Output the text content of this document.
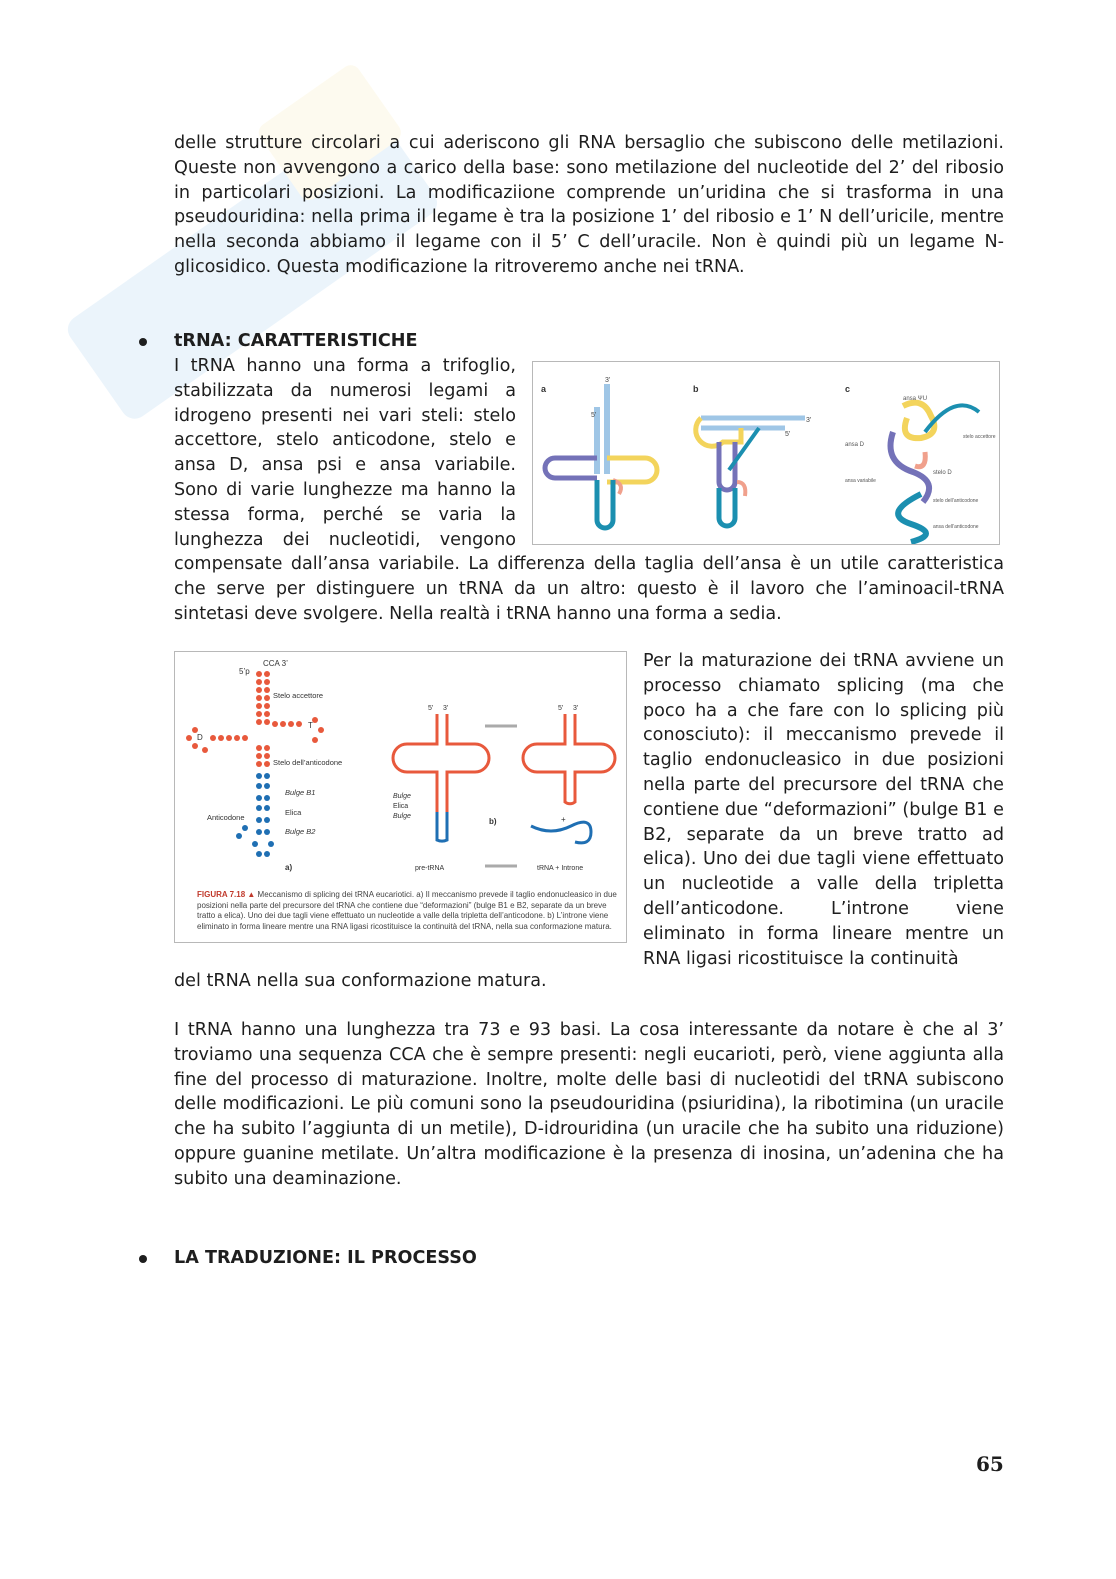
delle strutture circolari a cui aderiscono gli RNA bersaglio che subiscono delle metilazioni. Queste non avvengono a carico della base: sono metilazione del nucleotide del 2’ del ribosio in particolari posizioni. La modificaziione comprende un’uridina che si trasforma in una pseudouridina: nella prima il legame è tra la posizione 1’ del ribosio e 1’ N dell’uricile, mentre nella seconda abbiamo il legame con il 5’ C dell’uracile. Non è quindi più un legame N-glicosidico. Questa modificazione la ritroveremo anche nei tRNA.

tRNA: CARATTERISTICHE

I tRNA hanno una forma a trifoglio, stabilizzata da numerosi legami a idrogeno presenti nei vari steli: stelo accettore, stelo anticodone, stelo e ansa D, ansa psi e ansa variabile. Sono di varie lunghezze ma hanno la stessa forma, perché se varia la lunghezza dei nucleotidi, vengono compensate dall’ansa variabile. La differenza della taglia dell’ansa è un utile caratteristica che serve per distinguere un tRNA da un altro: questo è il lavoro che l’aminoacil-tRNA sintetasi deve svolgere. Nella realtà i tRNA hanno una forma a sedia.

a
5’
3’
b
3’
5’
c
ansa ΨU
stelo accettore
ansa D
stelo D
ansa variabile
stelo dell’anticodone
ansa dell’anticodone
CCA 3’
5’p
Stelo accettore
D
T
Stelo dell’anticodone
Bulge B1
Elica
Bulge B2
Anticodone
a)
5’ 3’
Bulge
Elica
Bulge
pre-tRNA
b)
5’ 3’
+
tRNA + Introne
FIGURA 7.18 ▲ Meccanismo di splicing dei tRNA eucariotici. a) Il meccanismo prevede il taglio endonucleasico in due posizioni nella parte del precursore del tRNA che contiene due “deformazioni” (bulge B1 e B2, separate da un breve tratto a elica). Uno dei due tagli viene effettuato un nucleotide a valle della tripletta dell’anticodone. b) L’introne viene eliminato in forma lineare mentre una RNA ligasi ricostituisce la continuità del tRNA, nella sua conformazione matura.

Per la maturazione dei tRNA avviene un processo chiamato splicing (ma che poco ha a che fare con lo splicing più conosciuto): il meccanismo prevede il taglio endonucleasico in due posizioni nella parte del precursore del tRNA che contiene due “deformazioni” (bulge B1 e B2, separate da un breve tratto ad elica). Uno dei due tagli viene effettuato un nucleotide a valle della tripletta dell’anticodone. L’introne viene eliminato in forma lineare mentre un RNA ligasi ricostituisce la continuità

del tRNA nella sua conformazione matura.

I tRNA hanno una lunghezza tra 73 e 93 basi. La cosa interessante da notare è che al 3’ troviamo una sequenza CCA che è sempre presenti: negli eucarioti, però, viene aggiunta alla fine del processo di maturazione. Inoltre, molte delle basi di nucleotidi del tRNA subiscono delle modificazioni. Le più comuni sono la pseudouridina (psiuridina), la ribotimina (un uracile che ha subito l’aggiunta di un metile), D-idrouridina (un uracile che ha subito una riduzione) oppure guanine metilate. Un’altra modificazione è la presenza di inosina, un’adenina che ha subito una deaminazione.

LA TRADUZIONE: IL PROCESSO
65
